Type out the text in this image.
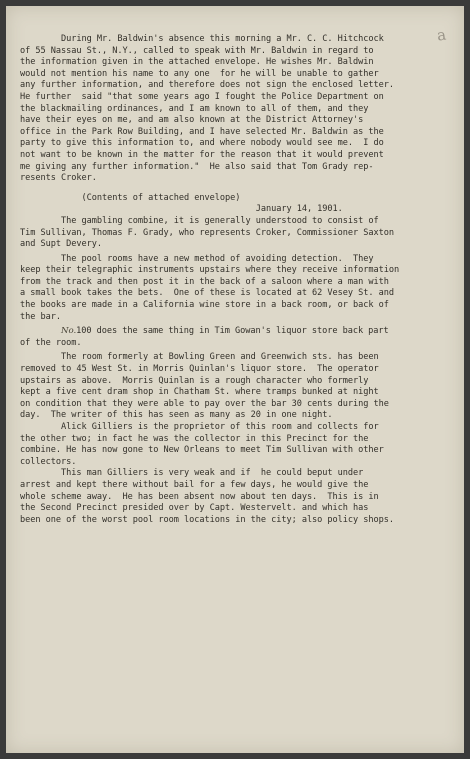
a
During Mr. Baldwin's absence this morning a Mr. C. C. Hitchcock
of 55 Nassau St., N.Y., called to speak with Mr. Baldwin in regard to
the information given in the attached envelope. He wishes Mr. Baldwin
would not mention his name to any one  for he will be unable to gather
any further information, and therefore does not sign the enclosed letter.
He further  said "that some years ago I fought the Police Department on
the blackmailing ordinances, and I am known to all of them, and they
have their eyes on me, and am also known at the District Attorney's
office in the Park Row Building, and I have selected Mr. Baldwin as the
party to give this information to, and where nobody would see me.  I do
not want to be known in the matter for the reason that it would prevent
me giving any further information."  He also said that Tom Grady rep-
resents Croker.
(Contents of attached envelope)
January 14, 1901.
The gambling combine, it is generally understood to consist of
Tim Sullivan, Thomas F. Grady, who represents Croker, Commissioner Saxton
and Supt Devery.
The pool rooms have a new method of avoiding detection.  They
keep their telegraphic instruments upstairs where they receive information
from the track and then post it in the back of a saloon where a man with
a small book takes the bets.  One of these is located at 62 Vesey St. and
the books are made in a California wine store in a back room, or back of
the bar.
No.100 does the same thing in Tim Gowan's liquor store back part
of the room.
The room formerly at Bowling Green and Greenwich sts. has been
removed to 45 West St. in Morris Quinlan's liquor store.  The operator
upstairs as above.  Morris Quinlan is a rough character who formerly
kept a five cent dram shop in Chatham St. where tramps bunked at night
on condition that they were able to pay over the bar 30 cents during the
day.  The writer of this has seen as many as 20 in one night.
Alick Gilliers is the proprietor of this room and collects for
the other two; in fact he was the collector in this Precinct for the
combine. He has now gone to New Orleans to meet Tim Sullivan with other
collectors.
This man Gilliers is very weak and if  he could beput under
arrest and kept there without bail for a few days, he would give the
whole scheme away.  He has been absent now about ten days.  This is in
the Second Precinct presided over by Capt. Westervelt. and which has
been one of the worst pool room locations in the city; also policy shops.
